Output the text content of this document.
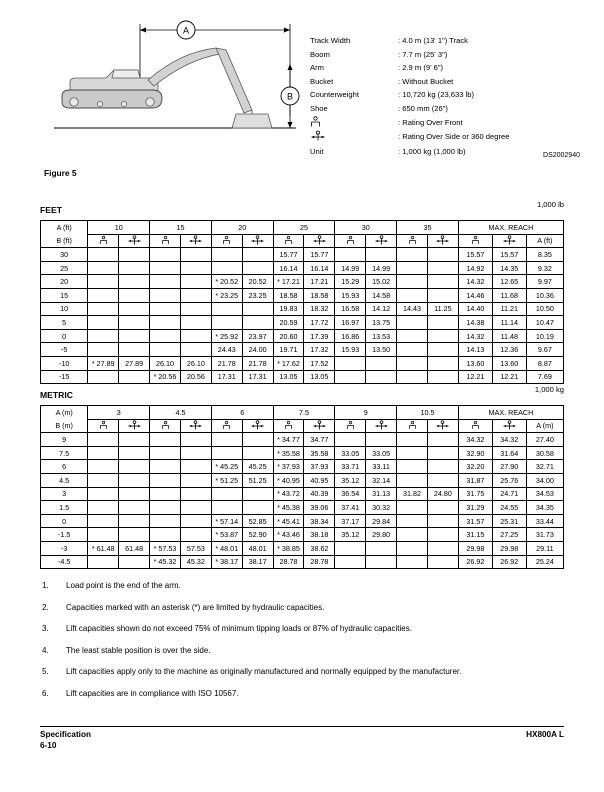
A
B
Track Width	: 4.0 m (13' 1") Track
Boom	: 7.7 m (25' 3")
Arm	: 2.9 m (9' 6")
Bucket	: Without Bucket
Counterweight	: 10,720 kg (23,633 lb)
Shoe	: 650 mm (26")
	: Rating Over Front
	: Rating Over Side or 360 degree
Unit	: 1,000 kg (1,000 lb)	DS2002940
Figure 5
FEET
1,000 lb
A (ft)	10		15		20		25		30		35		MAX. REACH		
B (ft)															A (ft)
30							15.77	15.77					15.57	15.57	8.35
25							16.14	16.14	14.99	14.99			14.92	14.35	9.32
20					* 20.52	20.52	* 17.21	17.21	15.29	15.02			14.32	12.65	9.97
15					* 23.25	23.25	18.58	18.58	15.93	14.58			14.46	11.68	10.36
10							19.83	18.32	16.58	14.12	14.43	11.25	14.40	11.21	10.50
5							20.59	17.72	16.97	13.75			14.38	11.14	10.47
0					* 25.92	23.97	20.60	17.39	16.86	13.53			14.32	11.48	10.19
-5					24.43	24.00	19.71	17.32	15.93	13.50			14.13	12.36	9.67
-10	* 27.89	27.89	26.10	26.10	21.78	21.78	* 17.62	17.52					13.60	13.60	8.87
-15			* 20.56	20.56	17.31	17.31	13.05	13.05					12.21	12.21	7.69
METRIC
1,000 kg
A (m)	3		4.5		6		7.5		9		10.5		MAX. REACH		
B (m)															A (m)
9							* 34.77	34.77					34.32	34.32	27.40
7.5							* 35.58	35.58	33.05	33.05			32.90	31.64	30.58
6					* 45.25	45.25	* 37.93	37.93	33.71	33.11			32.20	27.90	32.71
4.5					* 51.25	51.25	* 40.95	40.95	35.12	32.14			31.87	25.76	34.00
3							* 43.72	40.39	36.54	31.13	31.82	24.80	31.75	24.71	34.53
1.5							* 45.38	39.06	37.41	30.32			31.29	24.55	34.35
0					* 57.14	52.85	* 45.41	38.34	37.17	29.84			31.57	25.31	33.44
-1.5					* 53.87	52.90	* 43.46	38.18	35.12	29.80			31.15	27.25	31.73
-3	* 61.48	61.48	* 57.53	57.53	* 48.01	48.01	* 38.85	38.62					29.98	29.98	29.11
-4.5			* 45.32	45.32	* 38.17	38.17	28.78	28.78					26.92	26.92	25.24
1. Load point is the end of the arm.
2. Capacities marked with an asterisk (*) are limited by hydraulic capacities.
3. Lift capacities shown do not exceed 75% of minimum tipping loads or 87% of hydraulic capacities.
4. The least stable position is over the side.
5. Lift capacities apply only to the machine as originally manufactured and normally equipped by the manufacturer.
6. Lift capacities are in compliance with ISO 10567.
HX800A L
Specification
6-10
